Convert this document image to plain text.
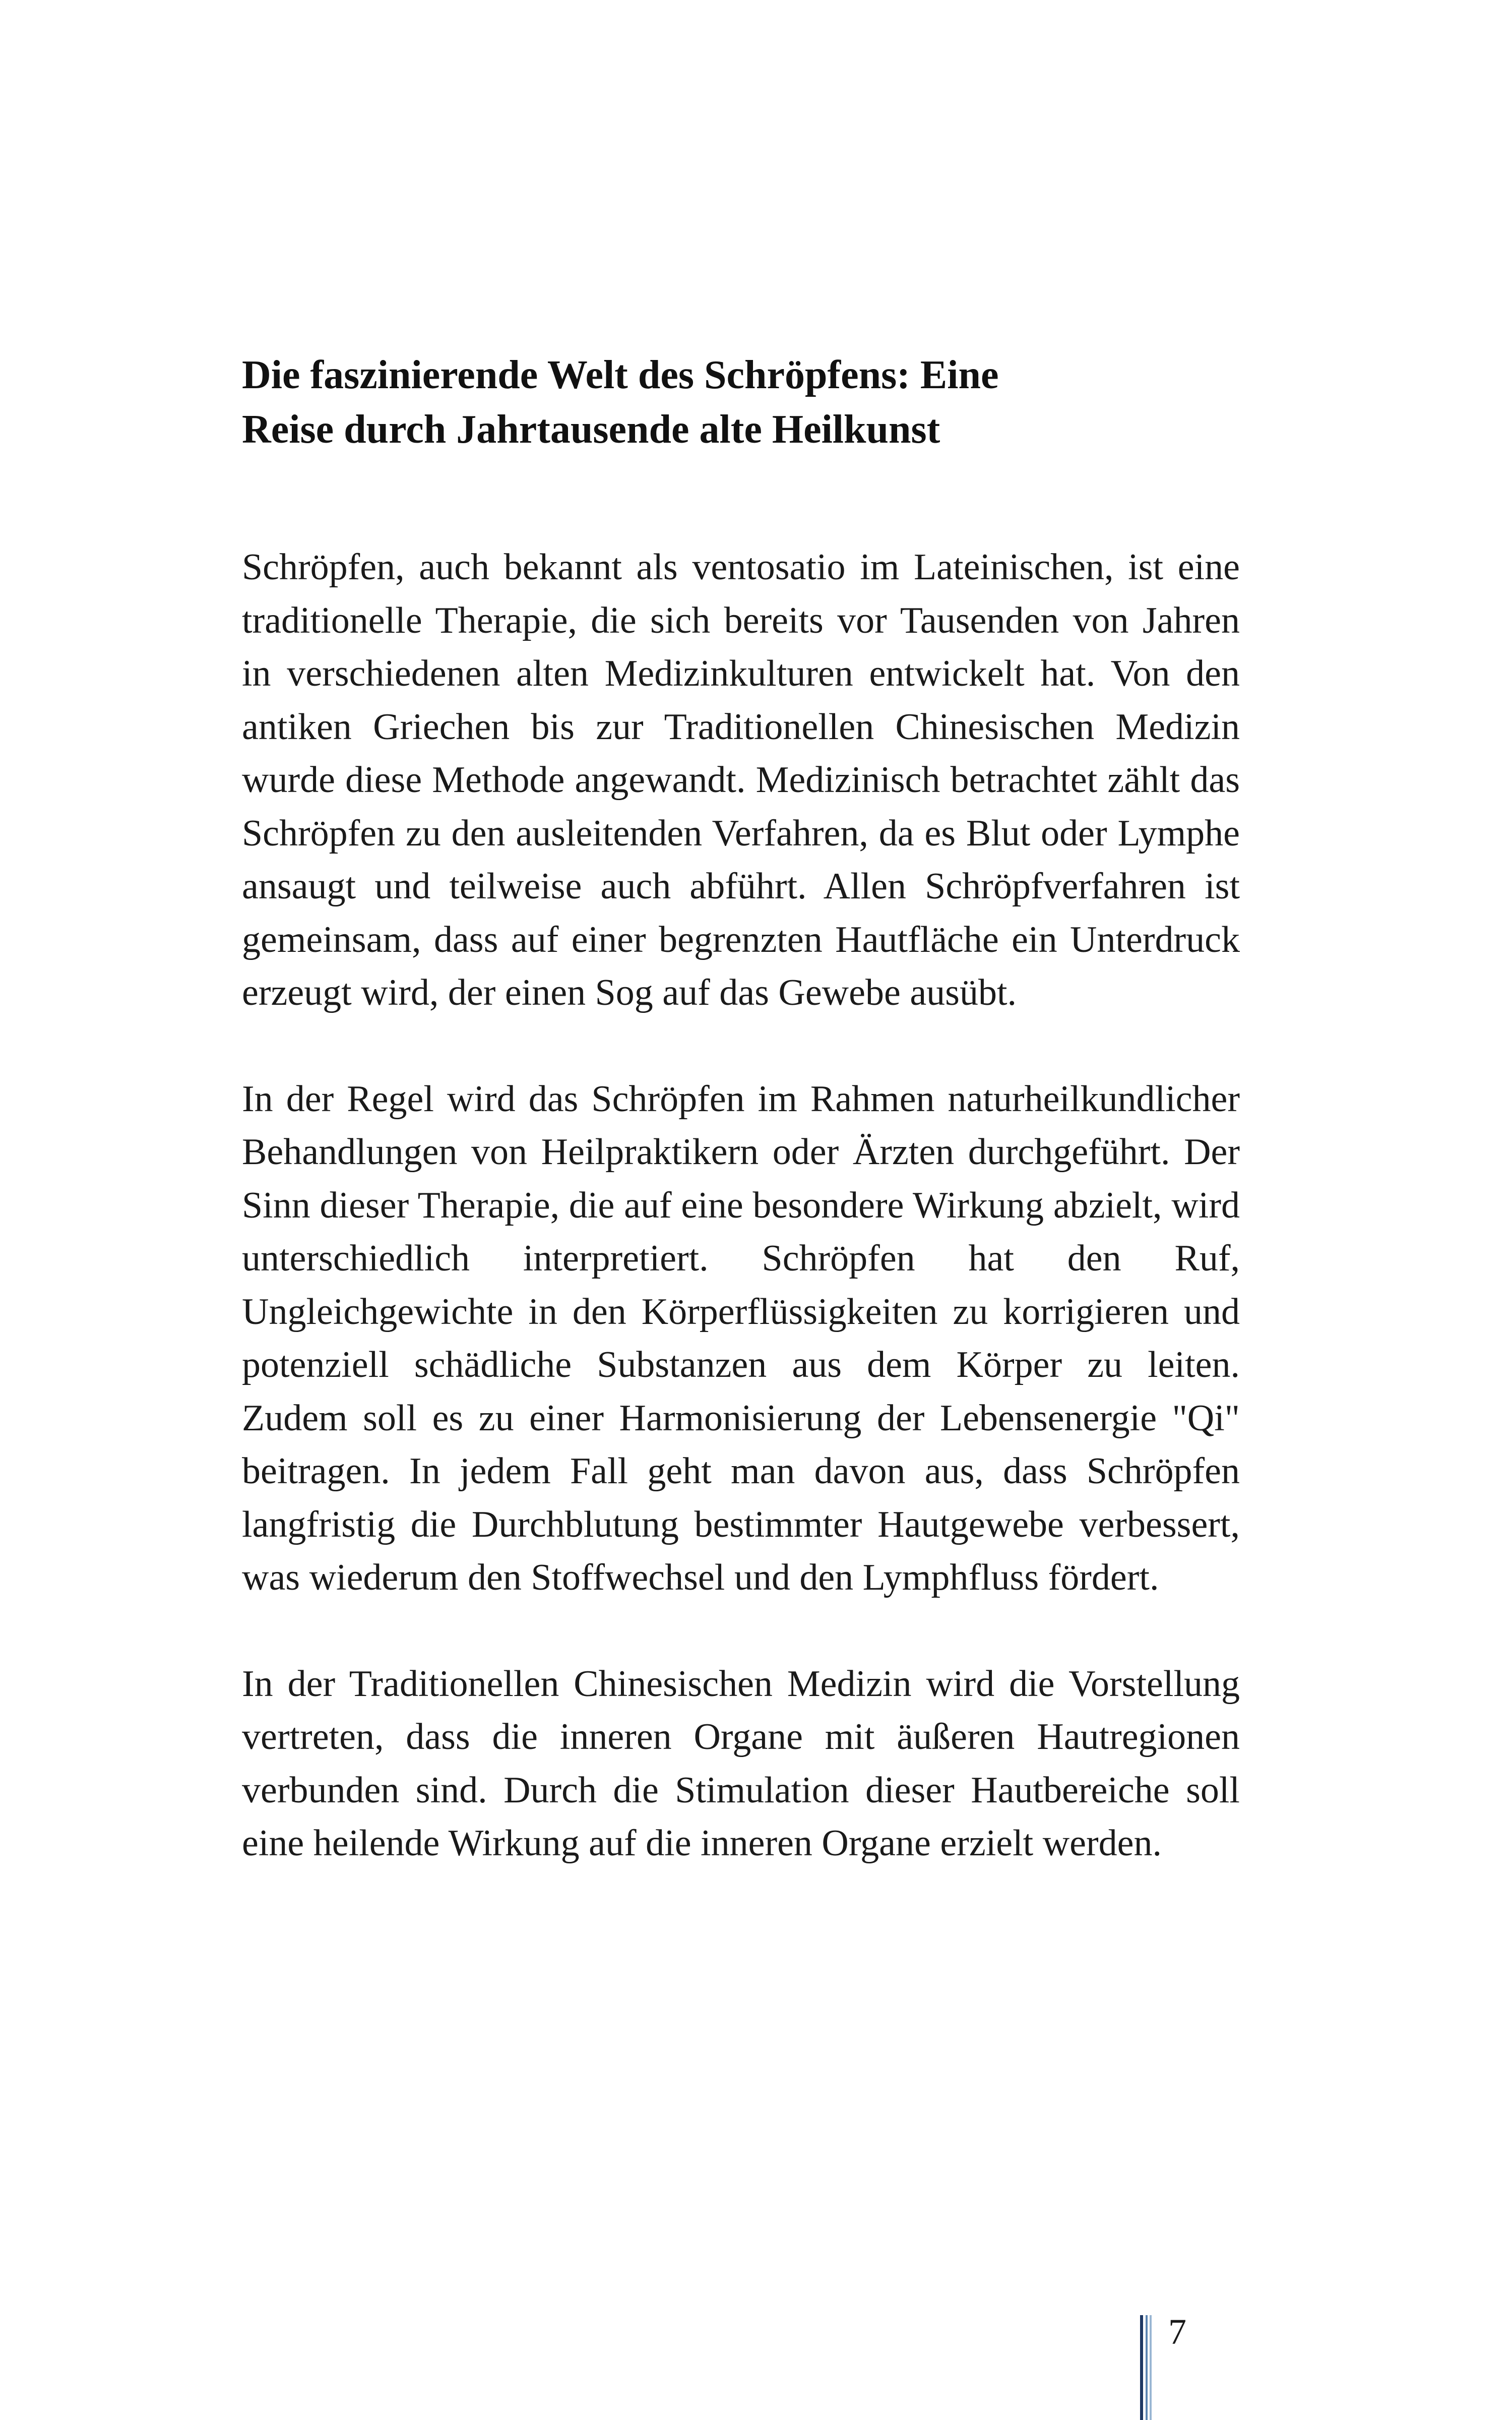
Die faszinierende Welt des Schröpfens: Eine
Reise durch Jahrtausende alte Heilkunst

Schröpfen, auch bekannt als ventosatio im Lateinischen, ist eine traditionelle Therapie, die sich bereits vor Tausenden von Jahren in verschiedenen alten Medizinkulturen entwickelt hat. Von den antiken Griechen bis zur Traditionellen Chinesischen Medizin wurde diese Methode angewandt. Medizinisch betrachtet zählt das Schröpfen zu den ausleitenden Verfahren, da es Blut oder Lymphe ansaugt und teilweise auch abführt. Allen Schröpfverfahren ist gemeinsam, dass auf einer begrenzten Hautfläche ein Unterdruck erzeugt wird, der einen Sog auf das Gewebe ausübt.

In der Regel wird das Schröpfen im Rahmen naturheilkundlicher Behandlungen von Heilpraktikern oder Ärzten durchgeführt. Der Sinn dieser Therapie, die auf eine besondere Wirkung abzielt, wird unterschiedlich interpretiert. Schröpfen hat den Ruf, Ungleichgewichte in den Körperflüssigkeiten zu korrigieren und potenziell schädliche Substanzen aus dem Körper zu leiten. Zudem soll es zu einer Harmonisierung der Lebensenergie "Qi" beitragen. In jedem Fall geht man davon aus, dass Schröpfen langfristig die Durchblutung bestimmter Hautgewebe verbessert, was wiederum den Stoffwechsel und den Lymphfluss fördert.

In der Traditionellen Chinesischen Medizin wird die Vorstellung vertreten, dass die inneren Organe mit äußeren Hautregionen verbunden sind. Durch die Stimulation dieser Hautbereiche soll eine heilende Wirkung auf die inneren Organe erzielt werden.

7
